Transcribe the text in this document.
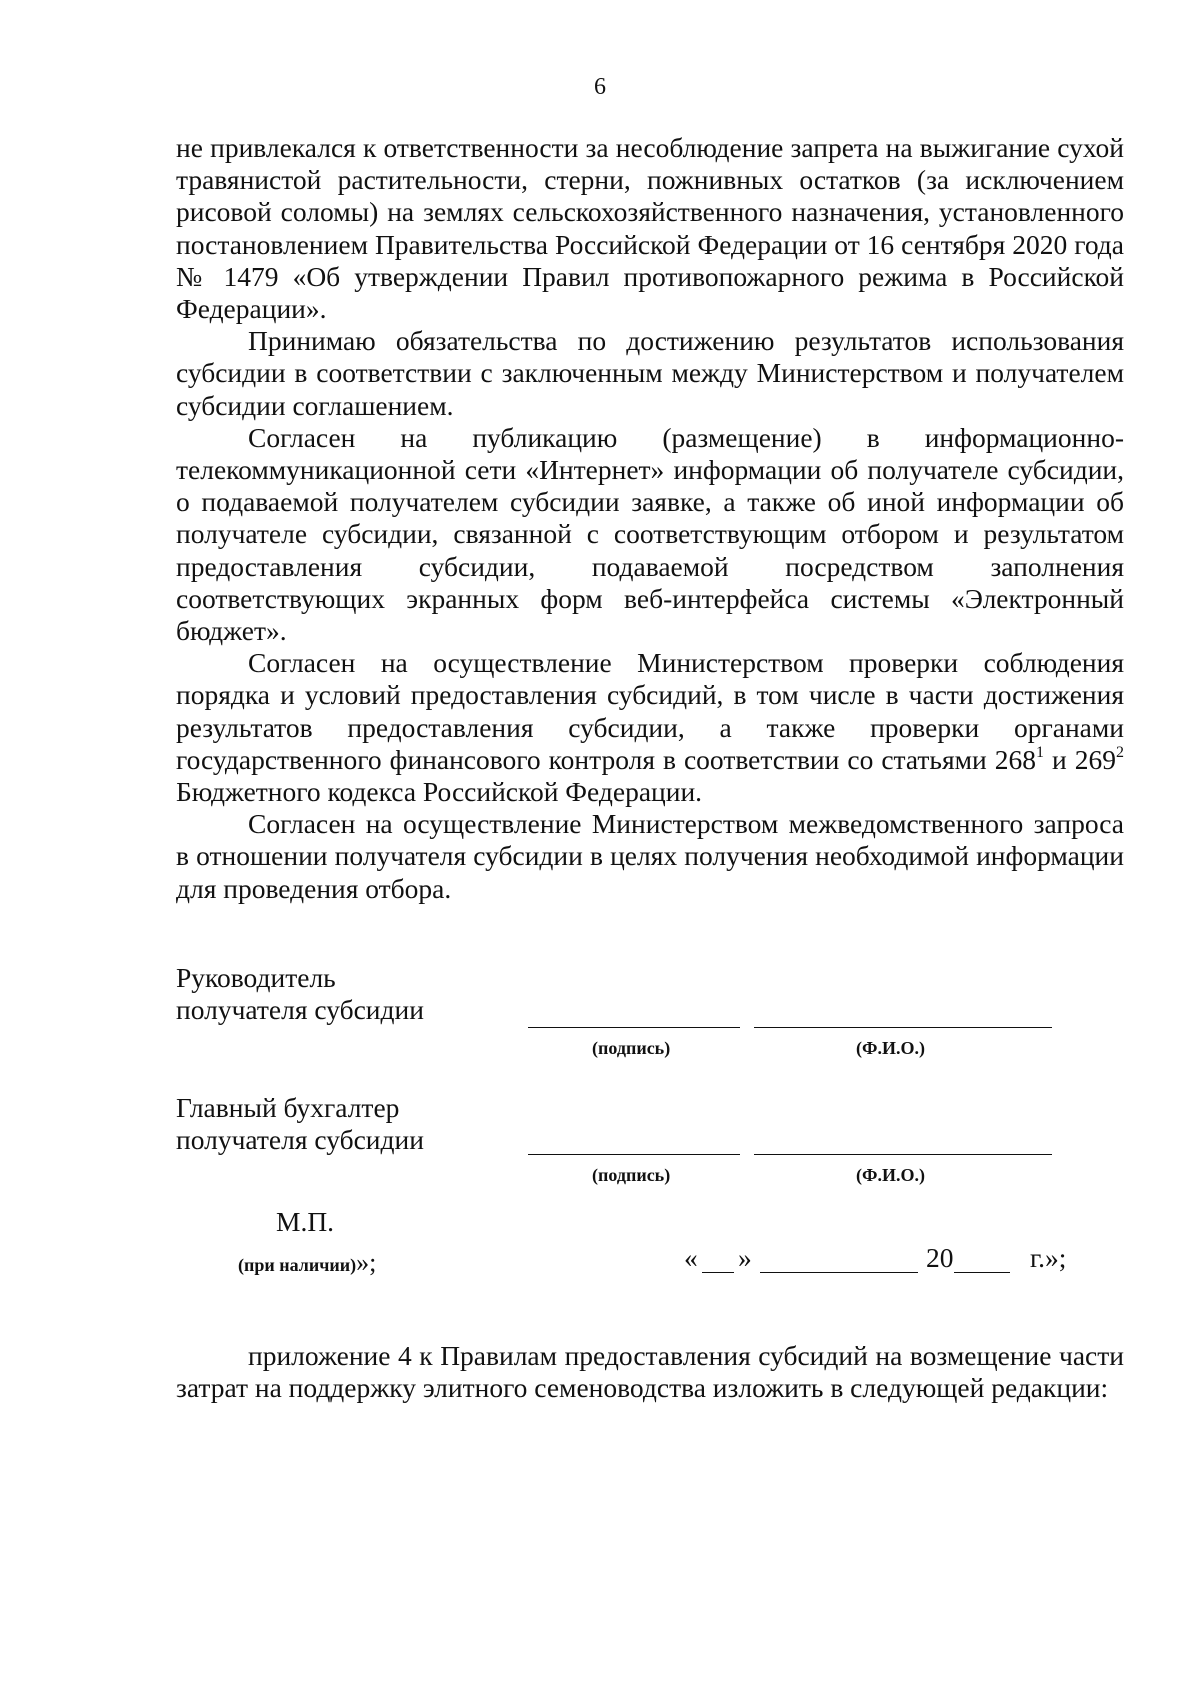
6

не привлекался к ответственности за несоблюдение запрета на выжигание сухой травянистой растительности, стерни, пожнивных остатков (за исключением рисовой соломы) на землях сельскохозяйственного назначения, установленного постановлением Правительства Российской Федерации от 16 сентября 2020 года № 1479 «Об утверждении Правил противопожарного режима в Российской Федерации».

Принимаю обязательства по достижению результатов использования субсидии в соответствии с заключенным между Министерством и получателем субсидии соглашением.

Согласен на публикацию (размещение) в информационно-телекоммуникационной сети «Интернет» информации об получателе субсидии, о подаваемой получателем субсидии заявке, а также об иной информации об получателе субсидии, связанной с соответствующим отбором и результатом предоставления субсидии, подаваемой посредством заполнения соответствующих экранных форм веб-интерфейса системы «Электронный бюджет».

Согласен на осуществление Министерством проверки соблюдения порядка и условий предоставления субсидий, в том числе в части достижения результатов предоставления субсидии, а также проверки органами государственного финансового контроля в соответствии со статьями $268^1$ и $269^2$ Бюджетного кодекса Российской Федерации.

Согласен на осуществление Министерством межведомственного запроса в отношении получателя субсидии в целях получения необходимой информации для проведения отбора.

Руководитель
получателя субсидии
(подпись)	(Ф.И.О.)
Главный бухгалтер
получателя субсидии
(подпись)	(Ф.И.О.)
М.П.
(при наличии)»;	« »	20	г.»;

приложение 4 к Правилам предоставления субсидий на возмещение части затрат на поддержку элитного семеноводства изложить в следующей редакции:
